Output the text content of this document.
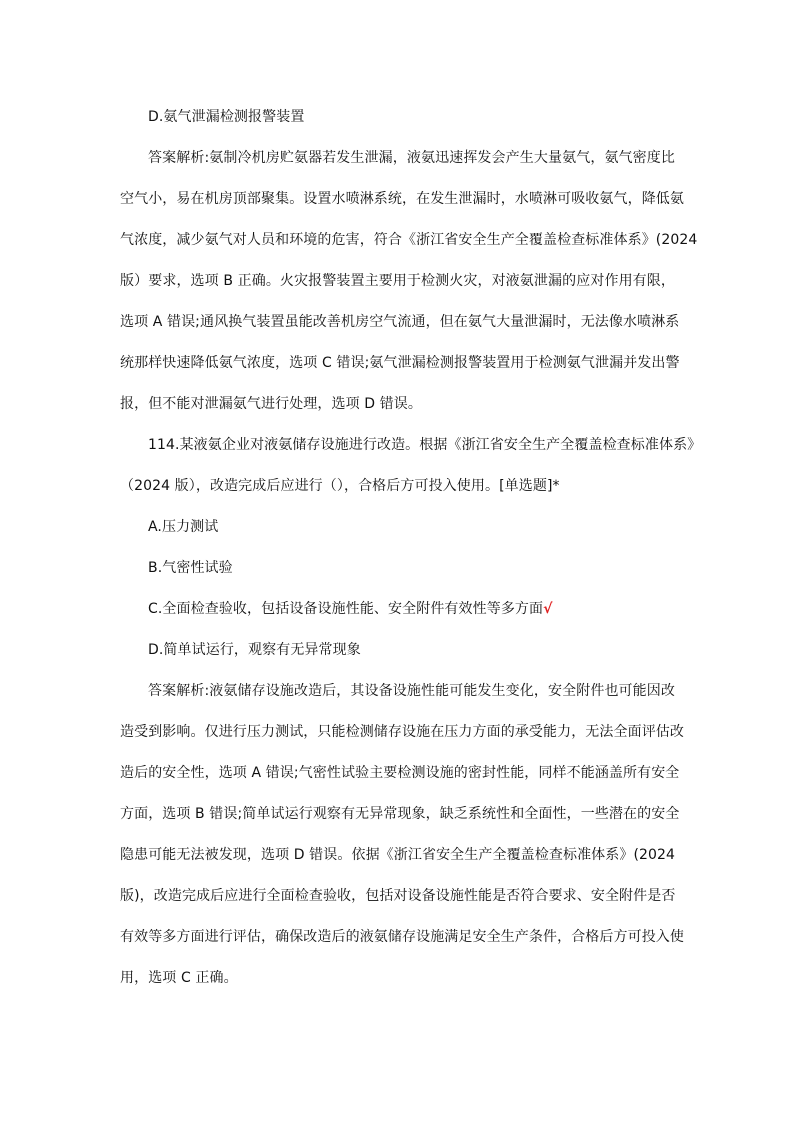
D.氨气泄漏检测报警装置
答案解析:氨制冷机房贮氨器若发生泄漏，液氨迅速挥发会产生大量氨气，氨气密度比
空气小，易在机房顶部聚集。设置水喷淋系统，在发生泄漏时，水喷淋可吸收氨气，降低氨
气浓度，减少氨气对人员和环境的危害，符合《浙江省安全生产全覆盖检查标准体系》(2024
版）要求，选项 B 正确。火灾报警装置主要用于检测火灾，对液氨泄漏的应对作用有限，
选项 A 错误;通风换气装置虽能改善机房空气流通，但在氨气大量泄漏时，无法像水喷淋系
统那样快速降低氨气浓度，选项 C 错误;氨气泄漏检测报警装置用于检测氨气泄漏并发出警
报，但不能对泄漏氨气进行处理，选项 D 错误。
114.某液氨企业对液氨储存设施进行改造。根据《浙江省安全生产全覆盖检查标准体系》
（2024 版），改造完成后应进行（），合格后方可投入使用。[单选题]*
A.压力测试
B.气密性试验
C.全面检查验收，包括设备设施性能、安全附件有效性等多方面√
D.简单试运行，观察有无异常现象
答案解析:液氨储存设施改造后，其设备设施性能可能发生变化，安全附件也可能因改
造受到影响。仅进行压力测试，只能检测储存设施在压力方面的承受能力，无法全面评估改
造后的安全性，选项 A 错误;气密性试验主要检测设施的密封性能，同样不能涵盖所有安全
方面，选项 B 错误;简单试运行观察有无异常现象，缺乏系统性和全面性，一些潜在的安全
隐患可能无法被发现，选项 D 错误。依据《浙江省安全生产全覆盖检查标准体系》(2024
版)，改造完成后应进行全面检查验收，包括对设备设施性能是否符合要求、安全附件是否
有效等多方面进行评估，确保改造后的液氨储存设施满足安全生产条件，合格后方可投入使
用，选项 C 正确。
